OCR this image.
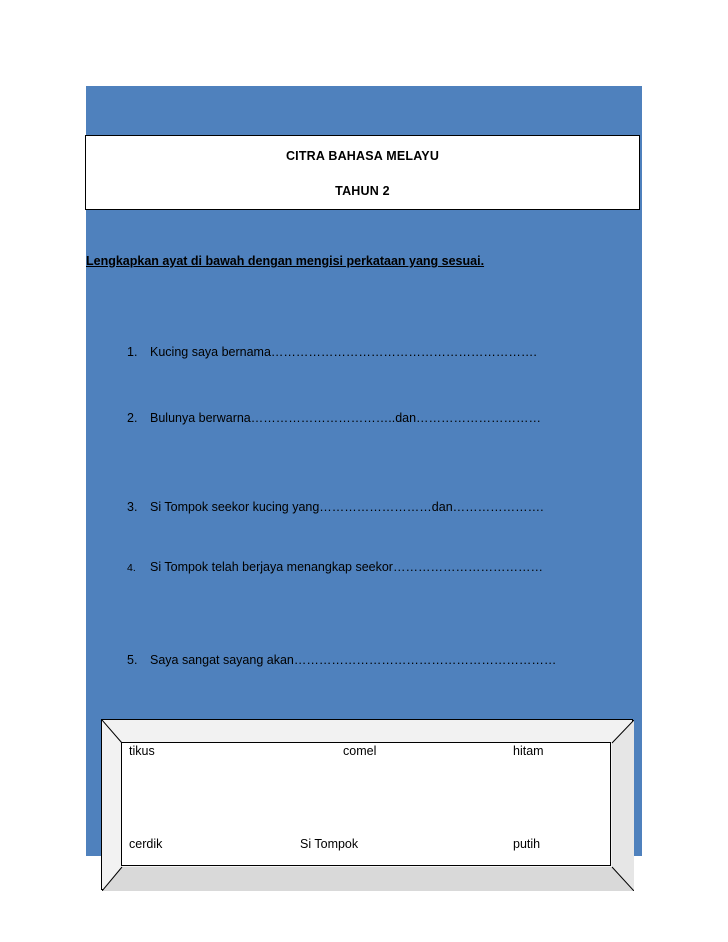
CITRA BAHASA MELAYU
TAHUN 2
Lengkapkan ayat di bawah dengan mengisi perkataan yang sesuai.
1. Kucing saya bernama……………………………………………………….
2. Bulunya berwarna……………………………..dan…………………………
3. Si Tompok seekor kucing yang………………………dan………………….
4. Si Tompok telah berjaya menangkap seekor………………………………
5. Saya sangat sayang akan………………………………………………………
tikus	comel	hitam
cerdik	Si Tompok	putih
